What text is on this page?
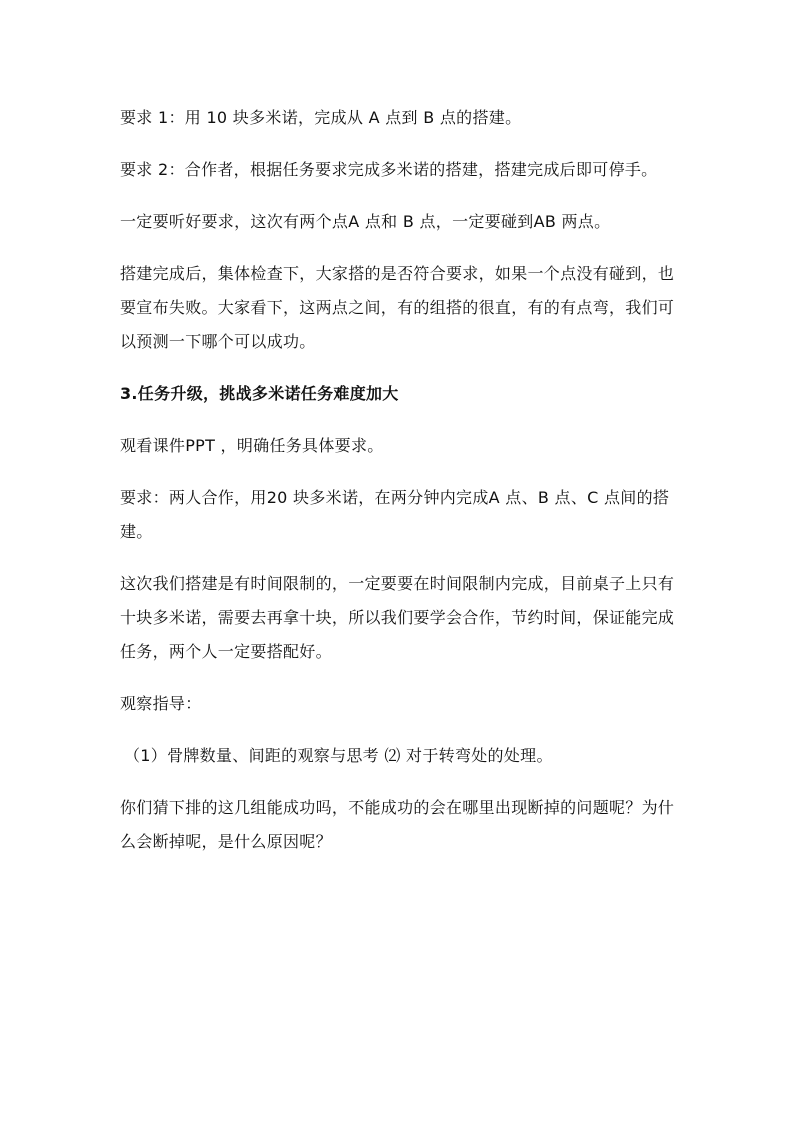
要求 1：用 10 块多米诺，完成从 A 点到 B 点的搭建。

要求 2：合作者，根据任务要求完成多米诺的搭建，搭建完成后即可停手。

一定要听好要求，这次有两个点A 点和 B 点，一定要碰到AB 两点。

搭建完成后，集体检查下，大家搭的是否符合要求，如果一个点没有碰到，也要宣布失败。大家看下，这两点之间，有的组搭的很直，有的有点弯，我们可以预测一下哪个可以成功。

3.任务升级，挑战多米诺任务难度加大

观看课件PPT ，明确任务具体要求。

要求：两人合作，用20 块多米诺，在两分钟内完成A 点、B 点、C 点间的搭建。

这次我们搭建是有时间限制的，一定要要在时间限制内完成，目前桌子上只有十块多米诺，需要去再拿十块，所以我们要学会合作，节约时间，保证能完成任务，两个人一定要搭配好。

观察指导：

（1）骨牌数量、间距的观察与思考 ⑵ 对于转弯处的处理。

你们猜下排的这几组能成功吗，不能成功的会在哪里出现断掉的问题呢？为什么会断掉呢，是什么原因呢？
